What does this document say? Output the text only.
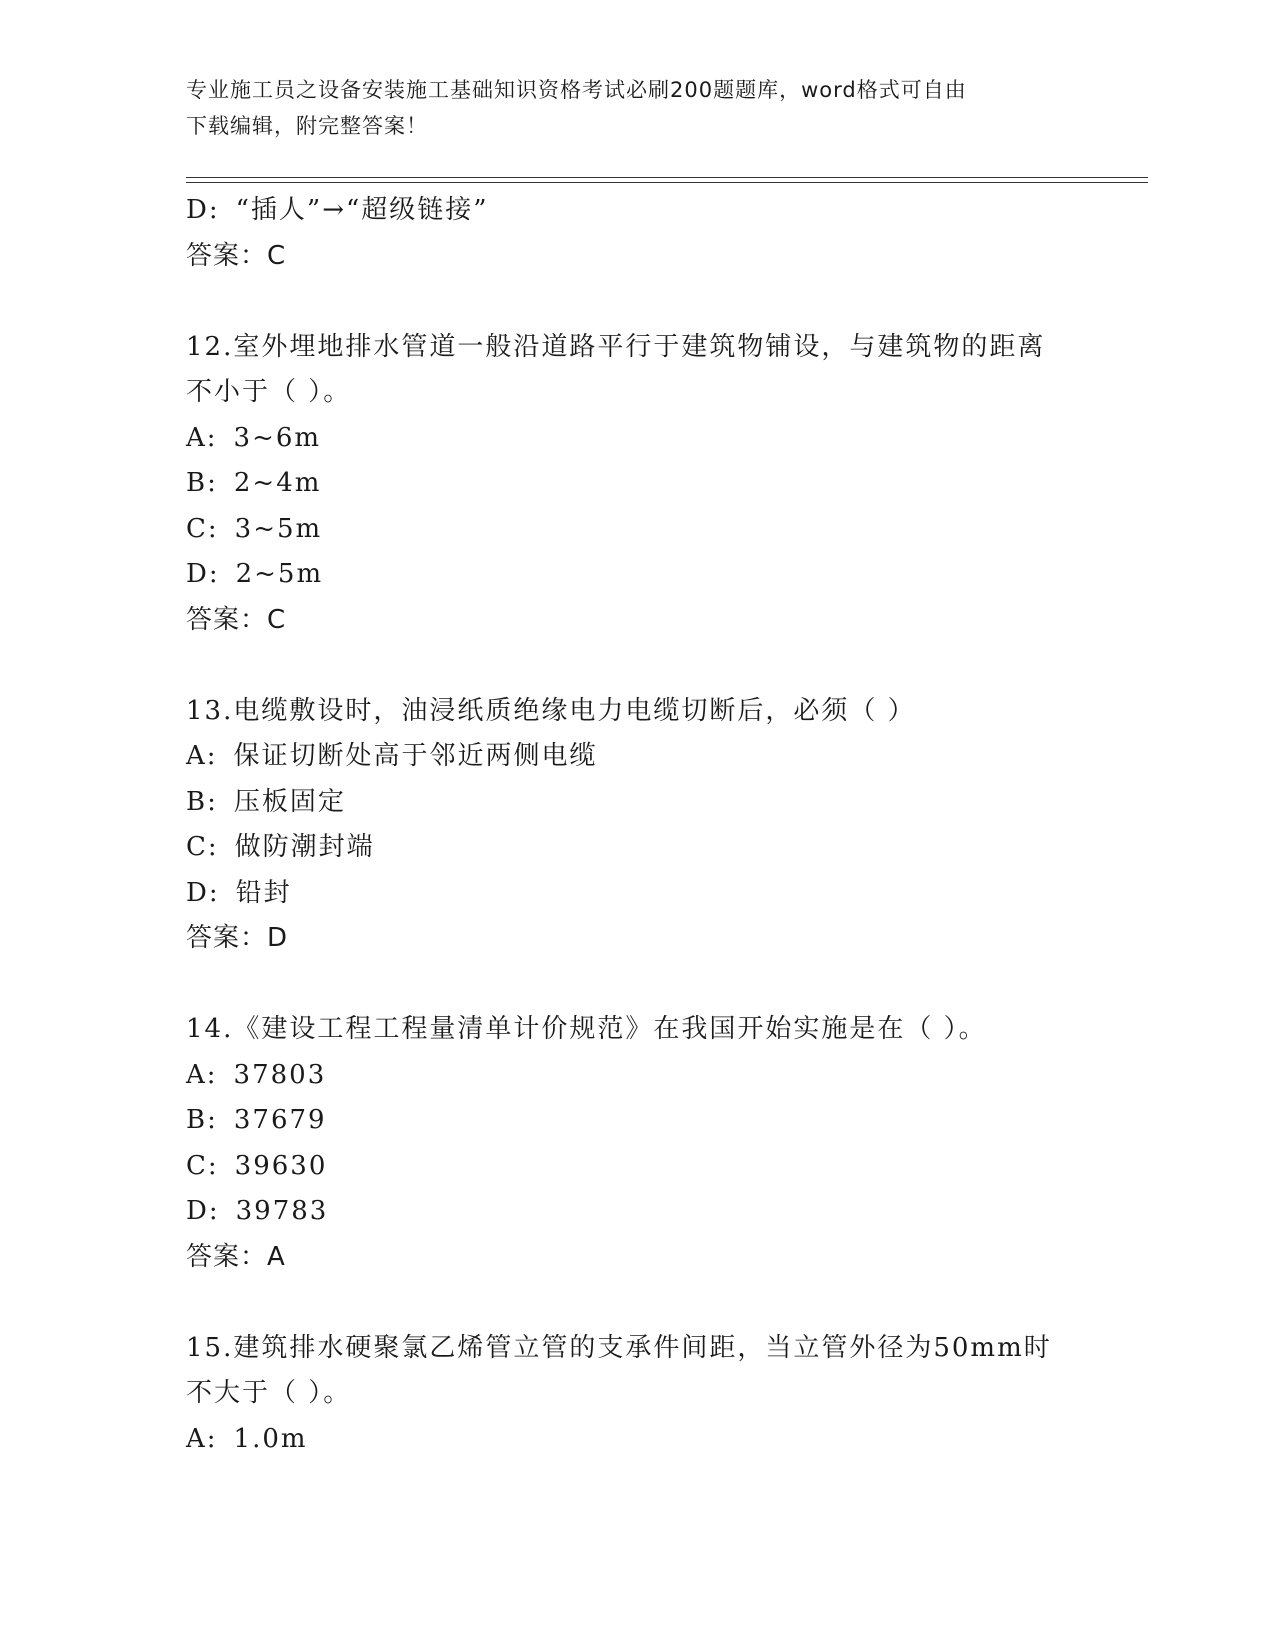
专业施工员之设备安装施工基础知识资格考试必刷200题题库，word格式可自由
下载编辑，附完整答案！
D: “插人”→“超级链接”
答案：C
12.室外埋地排水管道一般沿道路平行于建筑物铺设，与建筑物的距离
不小于（ ）。
A: 3~6m
B: 2~4m
C: 3~5m
D: 2~5m
答案：C
13.电缆敷设时，油浸纸质绝缘电力电缆切断后，必须（ ）
A: 保证切断处高于邻近两侧电缆
B: 压板固定
C: 做防潮封端
D: 铅封
答案：D
14.《建设工程工程量清单计价规范》在我国开始实施是在（ ）。
A: 37803
B: 37679
C: 39630
D: 39783
答案：A
15.建筑排水硬聚氯乙烯管立管的支承件间距，当立管外径为50mm时
不大于（ ）。
A: 1.0m
